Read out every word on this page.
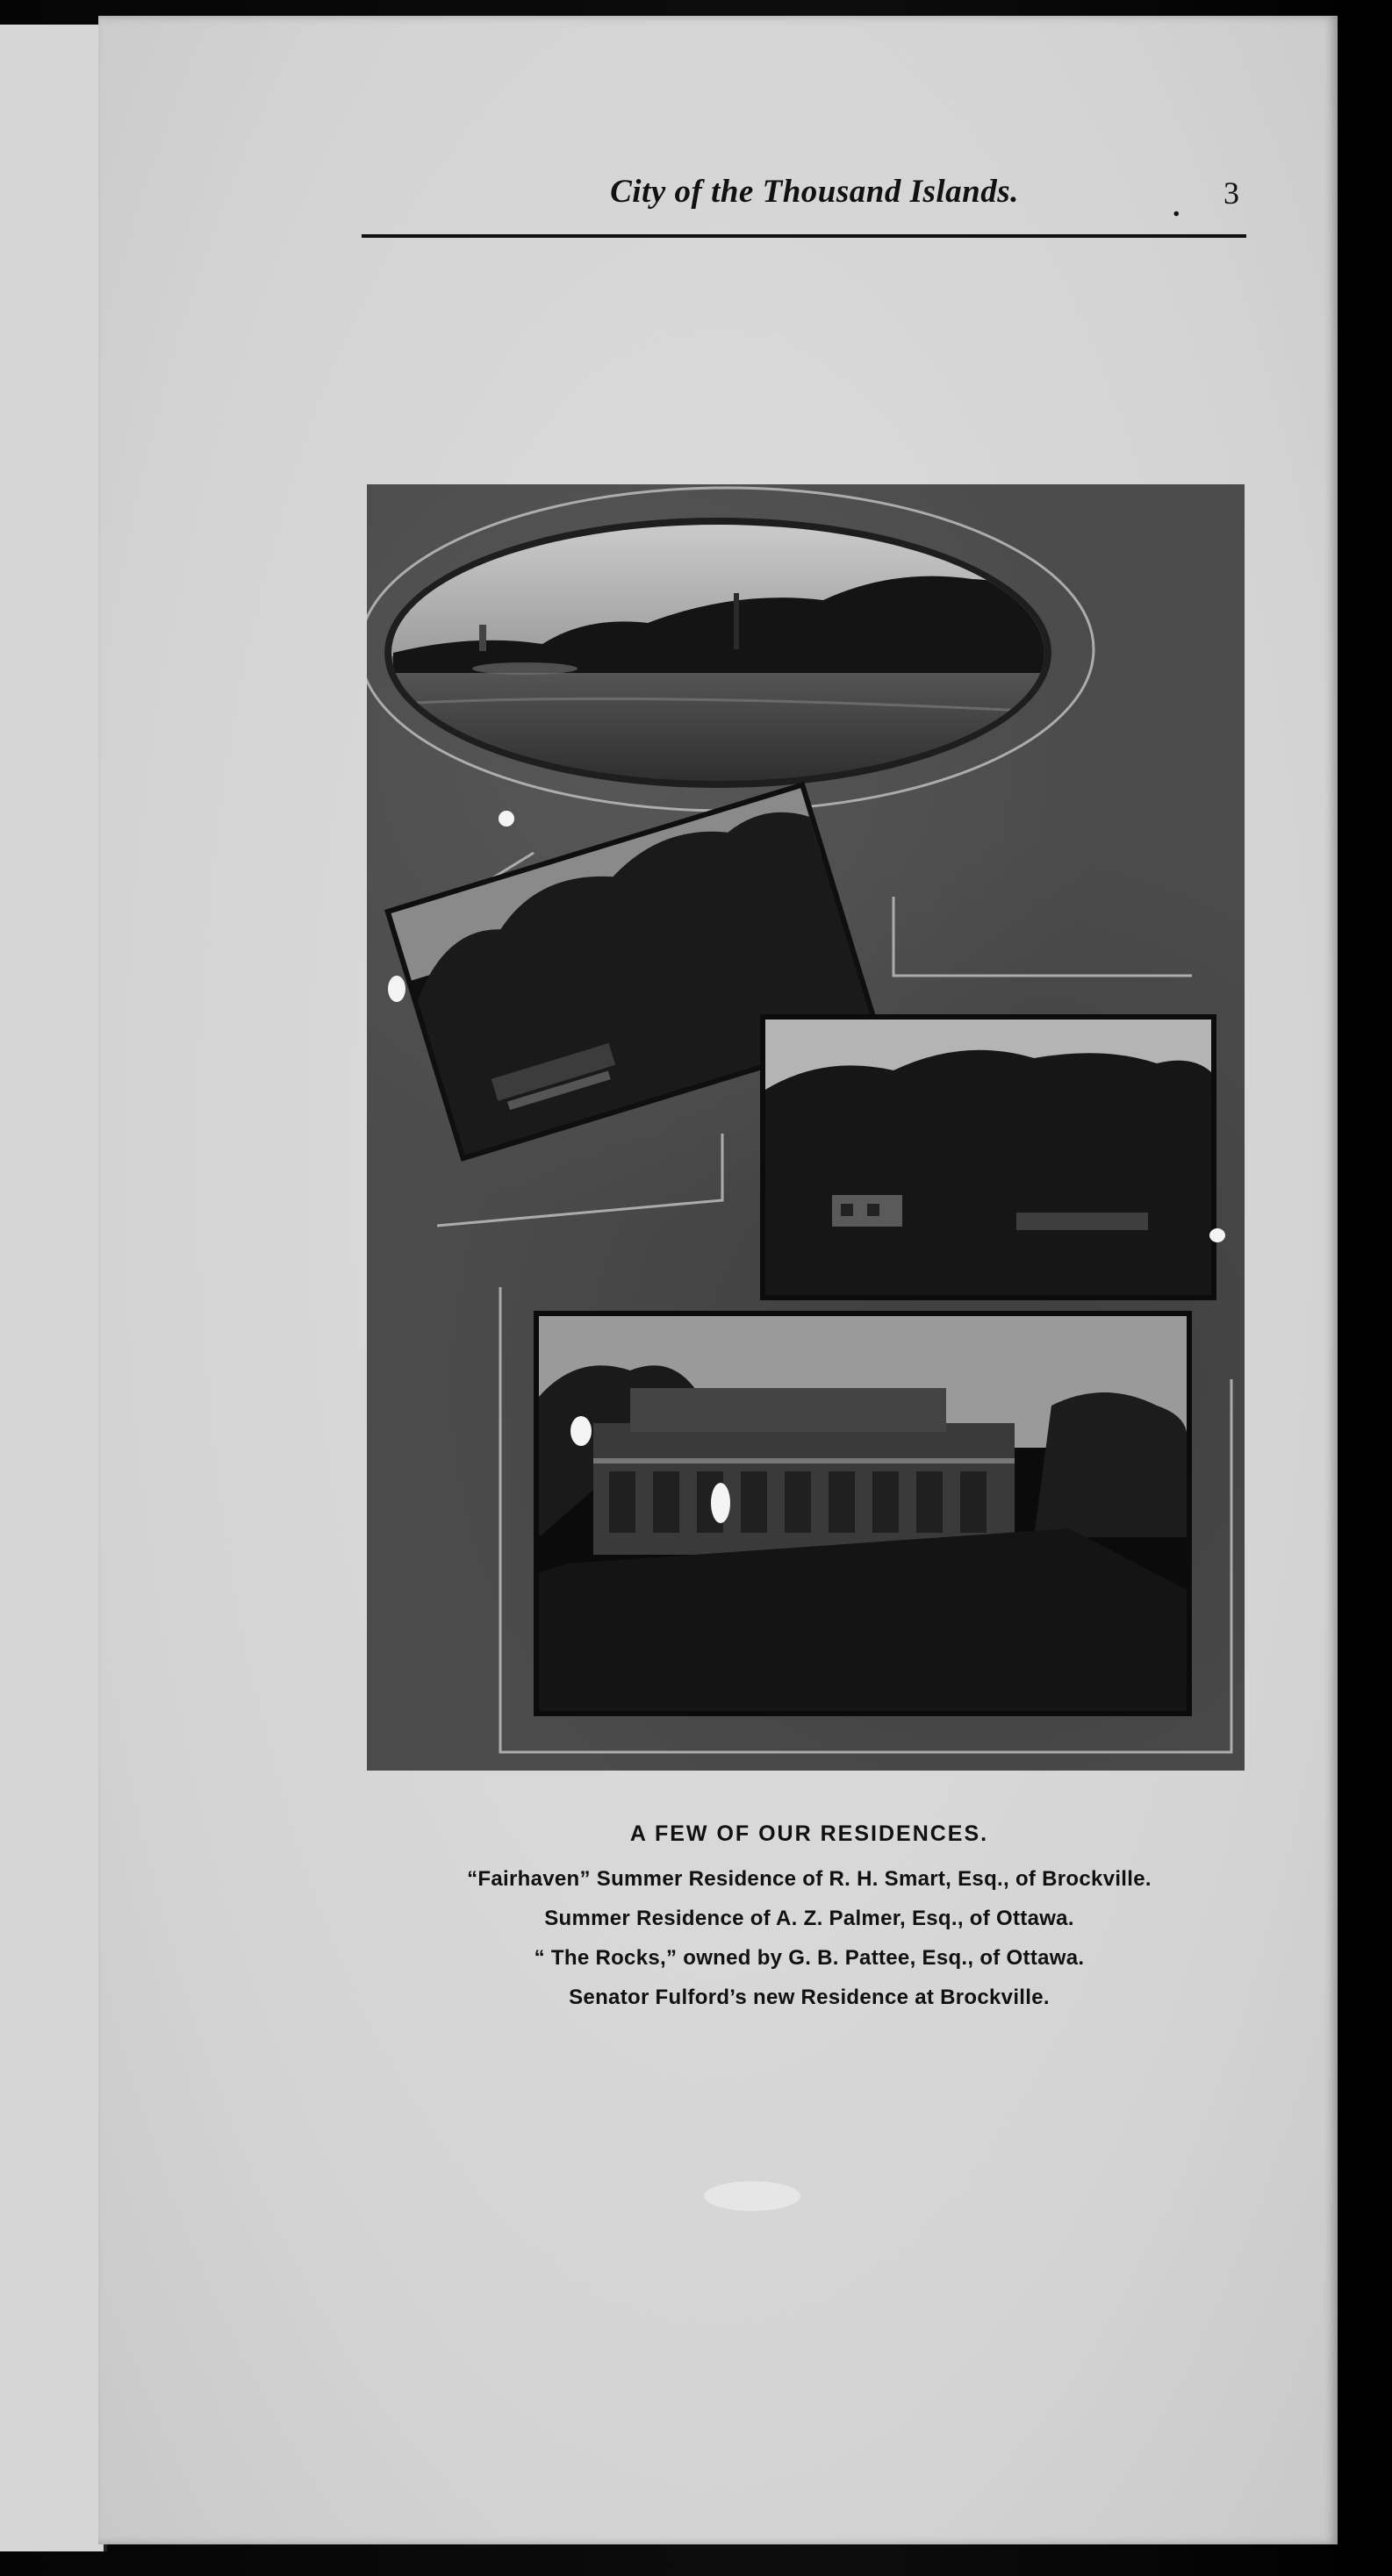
City of the Thousand Islands.	. 3
A FEW OF OUR RESIDENCES.
“Fairhaven” Summer Residence of R. H. Smart, Esq., of Brockville.
Summer Residence of A. Z. Palmer, Esq., of Ottawa.
“ The Rocks,” owned by G. B. Pattee, Esq., of Ottawa.
Senator Fulford’s new Residence at Brockville.
